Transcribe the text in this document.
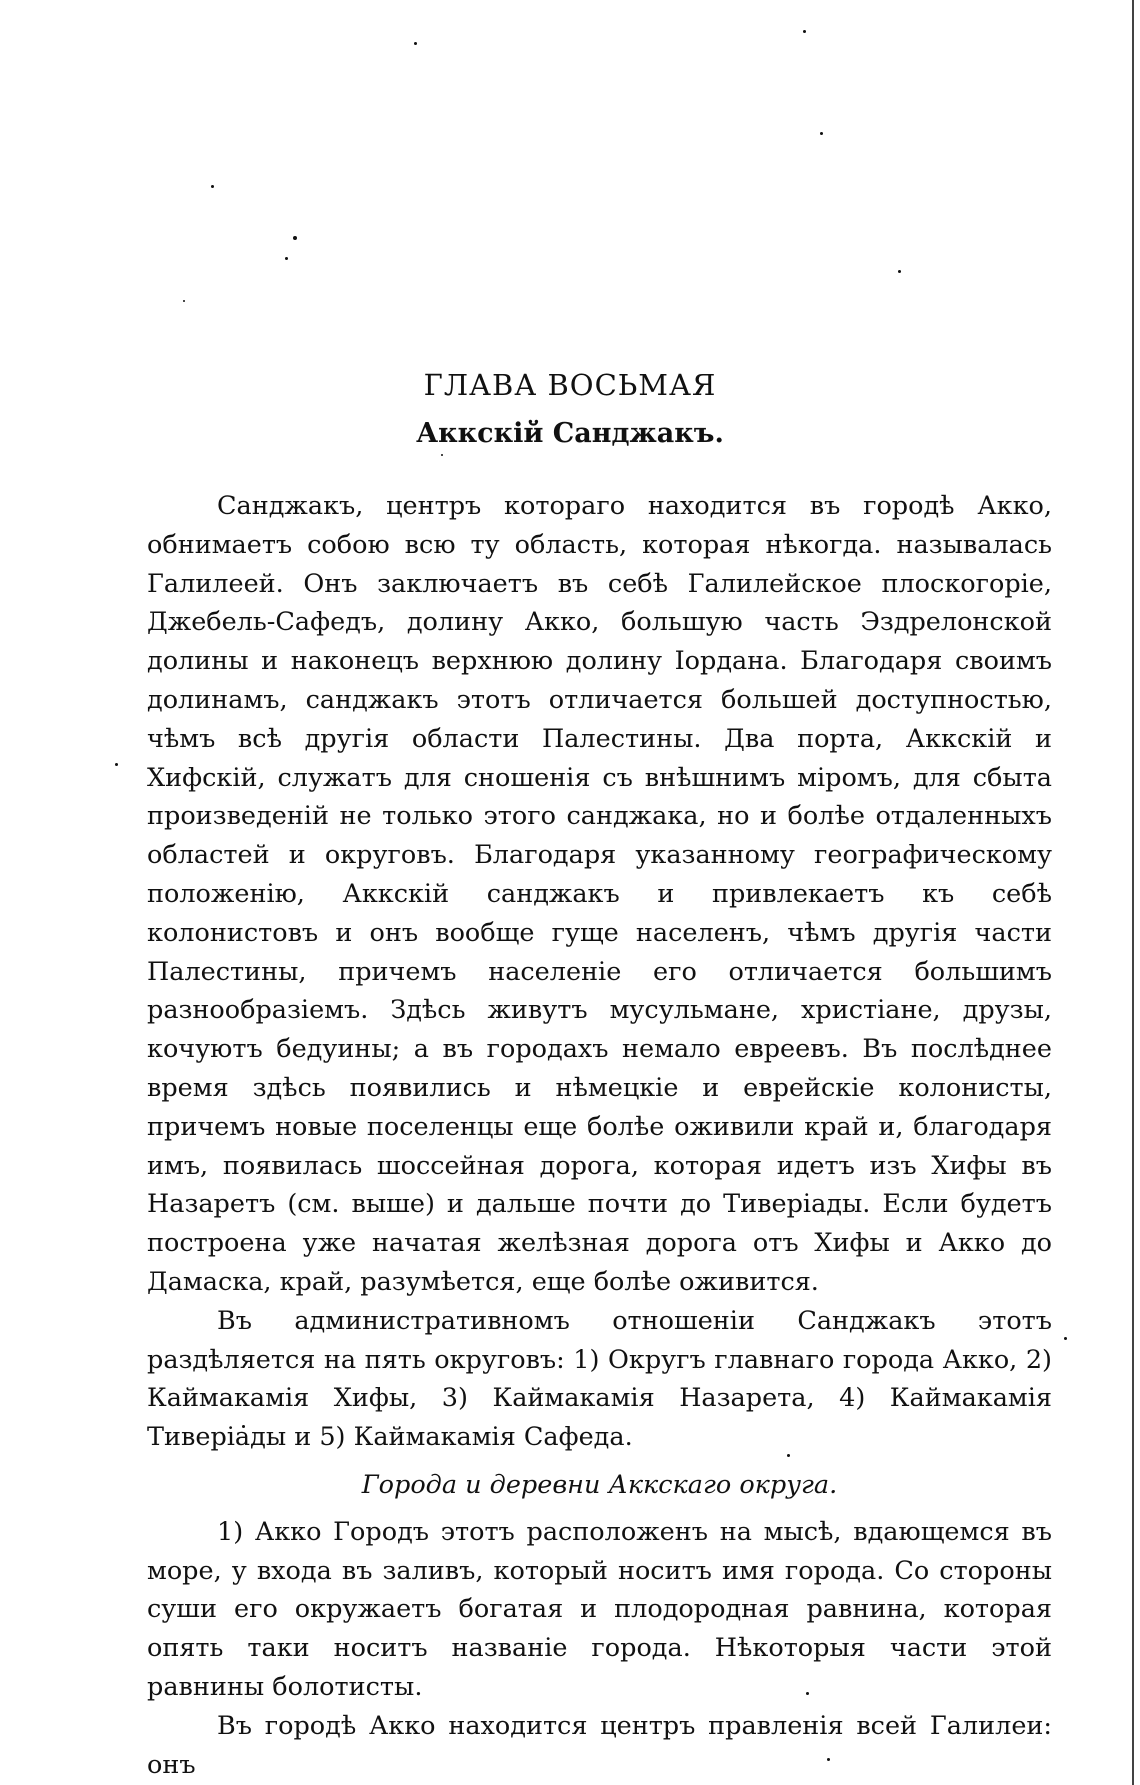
ГЛАВА ВОСЬМАЯ
Аккскій Санджакъ.

Санджакъ, центръ котораго находится въ городѣ Акко, обнимаетъ собою всю ту область, которая нѣкогда. называлась Галилеей. Онъ заключаетъ въ себѣ Галилейское плоскогоріе, Джебель-Сафедъ, долину Акко, большую часть Эздрелонской долины и наконецъ верхнюю долину Іордана. Благодаря своимъ долинамъ, санджакъ этотъ отличается большей доступностью, чѣмъ всѣ другія области Палестины. Два порта, Аккскій и Хифскій, служатъ для сношенія съ внѣшнимъ міромъ, для сбыта произведеній не только этого санджака, но и болѣе отдаленныхъ областей и округовъ. Благодаря указанному географическому положенію, Аккскій санджакъ и привлекаетъ къ себѣ колонистовъ и онъ вообще гуще населенъ, чѣмъ другія части Палестины, причемъ населеніе его отличается большимъ разнообразіемъ. Здѣсь живутъ мусульмане, христіане, друзы, кочуютъ бедуины; а въ городахъ немало евреевъ. Въ послѣднее время здѣсь появились и нѣмецкіе и еврейскіе колонисты, причемъ новые поселенцы еще болѣе оживили край и, благодаря имъ, появилась шоссейная дорога, которая идетъ изъ Хифы въ Назаретъ (см. выше) и дальше почти до Тиверіады. Если будетъ построена уже начатая желѣзная дорога отъ Хифы и Акко до Дамаска, край, разумѣется, еще болѣе оживится.

Въ административномъ отношеніи Санджакъ этотъ раздѣляется на пять округовъ: 1) Округъ главнаго города Акко, 2) Каймакамія Хифы, 3) Каймакамія Назарета, 4) Каймакамія Тиверіады и 5) Каймакамія Сафеда.

Города и деревни Аккскаго округа.

1) Акко Городъ этотъ расположенъ на мысѣ, вдающемся въ море, у входа въ заливъ, который носитъ имя города. Со стороны суши его окружаетъ богатая и плодородная равнина, которая опять таки носитъ названіе города. Нѣкоторыя части этой равнины болотисты.

Въ городѣ Акко находится центръ правленія всей Галилеи: онъ
